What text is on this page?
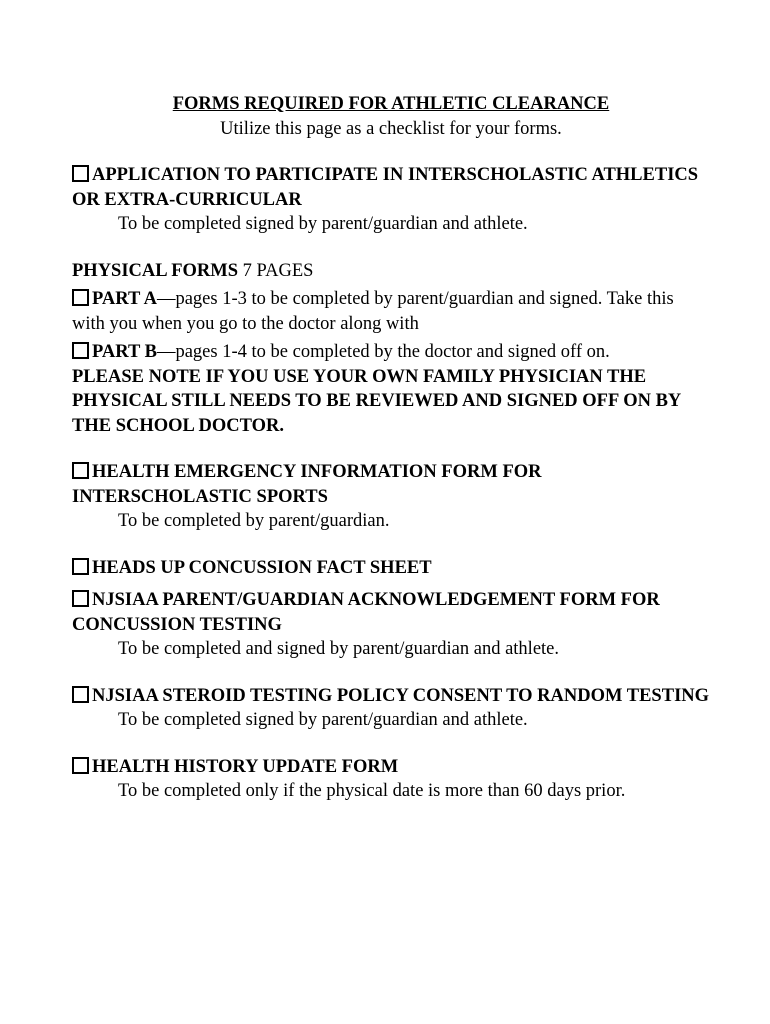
FORMS REQUIRED FOR ATHLETIC CLEARANCE
Utilize this page as a checklist for your forms.
APPLICATION TO PARTICIPATE IN INTERSCHOLASTIC ATHLETICS OR EXTRA-CURRICULAR
To be completed signed by parent/guardian and athlete.
PHYSICAL FORMS 7 PAGES
PART A—pages 1-3 to be completed by parent/guardian and signed. Take this with you when you go to the doctor along with
PART B—pages 1-4 to be completed by the doctor and signed off on.
PLEASE NOTE IF YOU USE YOUR OWN FAMILY PHYSICIAN THE PHYSICAL STILL NEEDS TO BE REVIEWED AND SIGNED OFF ON BY THE SCHOOL DOCTOR.
HEALTH EMERGENCY INFORMATION FORM FOR INTERSCHOLASTIC SPORTS
To be completed by parent/guardian.
HEADS UP CONCUSSION FACT SHEET
NJSIAA PARENT/GUARDIAN ACKNOWLEDGEMENT FORM FOR CONCUSSION TESTING
To be completed and signed by parent/guardian and athlete.
NJSIAA STEROID TESTING POLICY CONSENT TO RANDOM TESTING
To be completed signed by parent/guardian and athlete.
HEALTH HISTORY UPDATE FORM
To be completed only if the physical date is more than 60 days prior.
